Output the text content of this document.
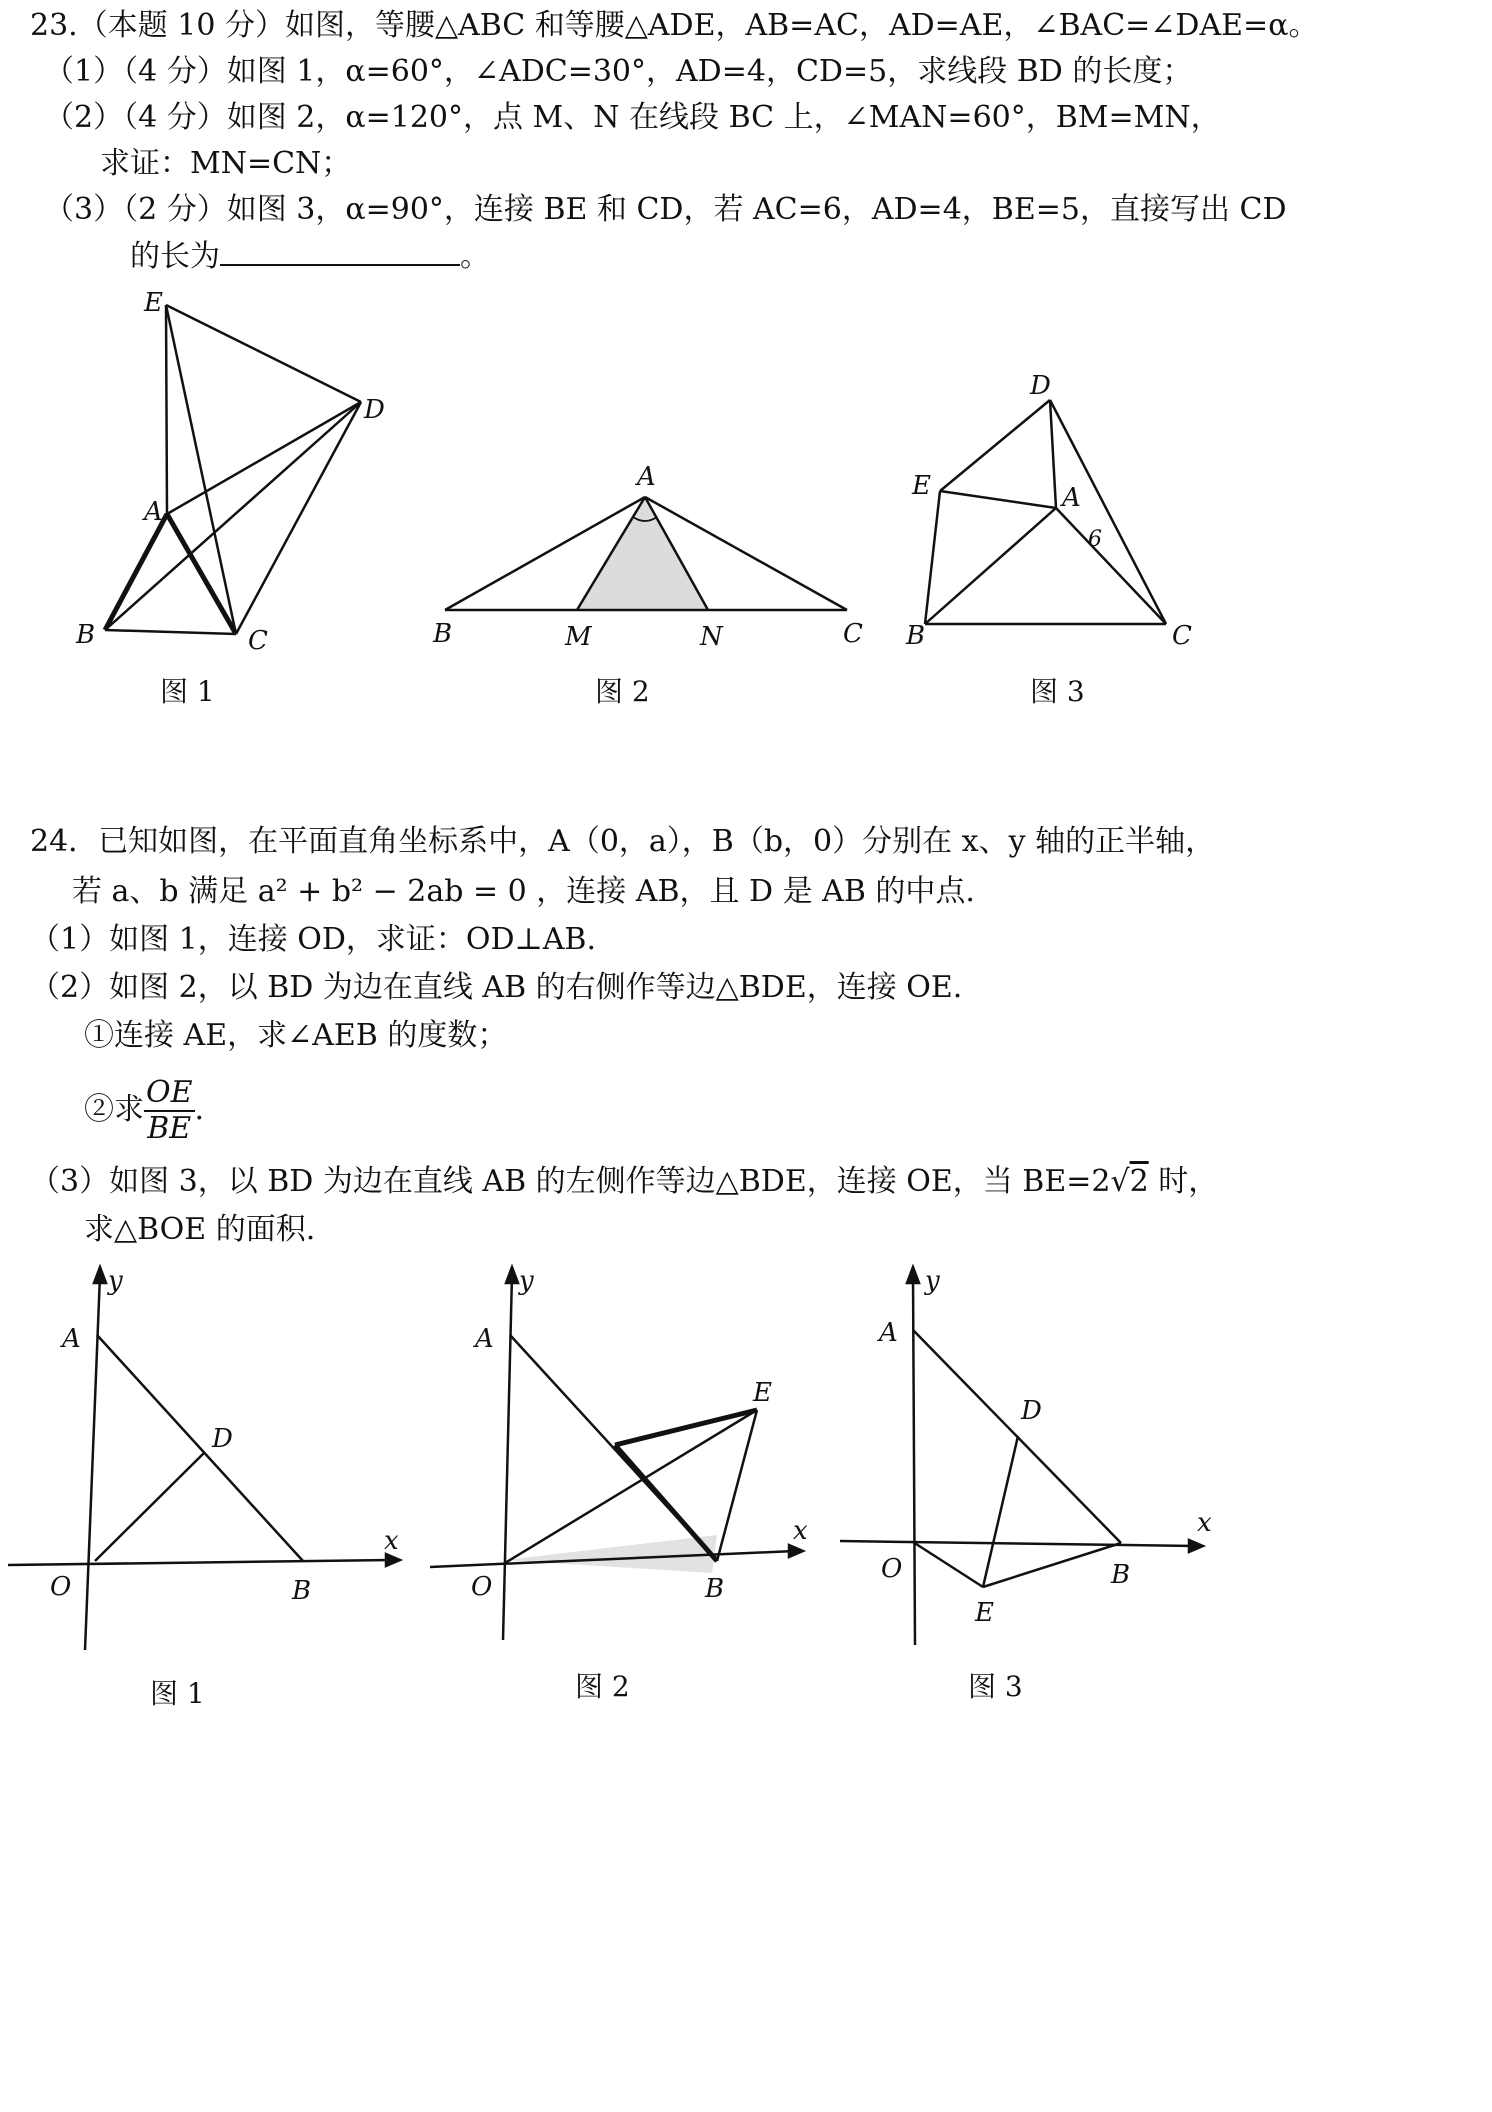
23.（本题 10 分）如图，等腰△ABC 和等腰△ADE，AB=AC，AD=AE，∠BAC=∠DAE=α。
（1）（4 分）如图 1，α=60°，∠ADC=30°，AD=4，CD=5，求线段 BD 的长度；
（2）（4 分）如图 2，α=120°，点 M、N 在线段 BC 上，∠MAN=60°，BM=MN，
求证：MN=CN；
（3）（2 分）如图 3，α=90°，连接 BE 和 CD，若 AC=6，AD=4，BE=5，直接写出 CD
的长为	。
E
D
A
B	C
图 1
A
B	M	N	C
图 2
D
E	A
B	C
6
图 3
24．已知如图，在平面直角坐标系中，A（0，a），B（b，0）分别在 x、y 轴的正半轴，
若 a、b 满足 a² + b² − 2ab = 0 ，连接 AB，且 D 是 AB 的中点.
（1）如图 1，连接 OD，求证：OD⊥AB.
（2）如图 2，以 BD 为边在直线 AB 的右侧作等边△BDE，连接 OE.
①连接 AE，求∠AEB 的度数；
②求 $\frac{OE}{BE}$ .
（3）如图 3，以 BD 为边在直线 AB 的左侧作等边△BDE，连接 OE，当 BE=2√2 时，
求△BOE 的面积.
y
x
A
D
O	B
图 1
y
x
A
E
O	B
图 2
y
x
A
D
O	B
E
图 3
